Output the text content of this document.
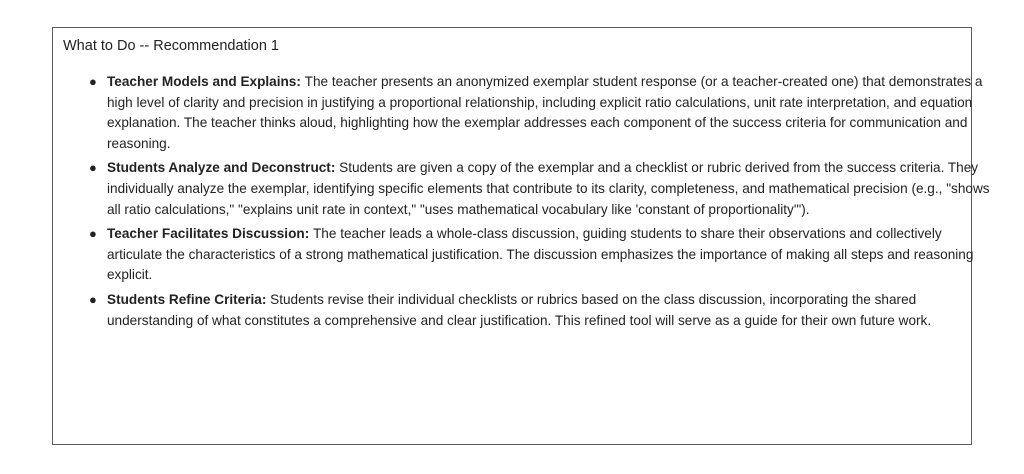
What to Do -- Recommendation 1

● Teacher Models and Explains: The teacher presents an anonymized exemplar student response (or a teacher-created one) that demonstrates a high level of clarity and precision in justifying a proportional relationship, including explicit ratio calculations, unit rate interpretation, and equation explanation. The teacher thinks aloud, highlighting how the exemplar addresses each component of the success criteria for communication and reasoning.
● Students Analyze and Deconstruct: Students are given a copy of the exemplar and a checklist or rubric derived from the success criteria. They individually analyze the exemplar, identifying specific elements that contribute to its clarity, completeness, and mathematical precision (e.g., "shows all ratio calculations," "explains unit rate in context," "uses mathematical vocabulary like 'constant of proportionality'").
● Teacher Facilitates Discussion: The teacher leads a whole-class discussion, guiding students to share their observations and collectively articulate the characteristics of a strong mathematical justification. The discussion emphasizes the importance of making all steps and reasoning explicit.
● Students Refine Criteria: Students revise their individual checklists or rubrics based on the class discussion, incorporating the shared understanding of what constitutes a comprehensive and clear justification. This refined tool will serve as a guide for their own future work.
